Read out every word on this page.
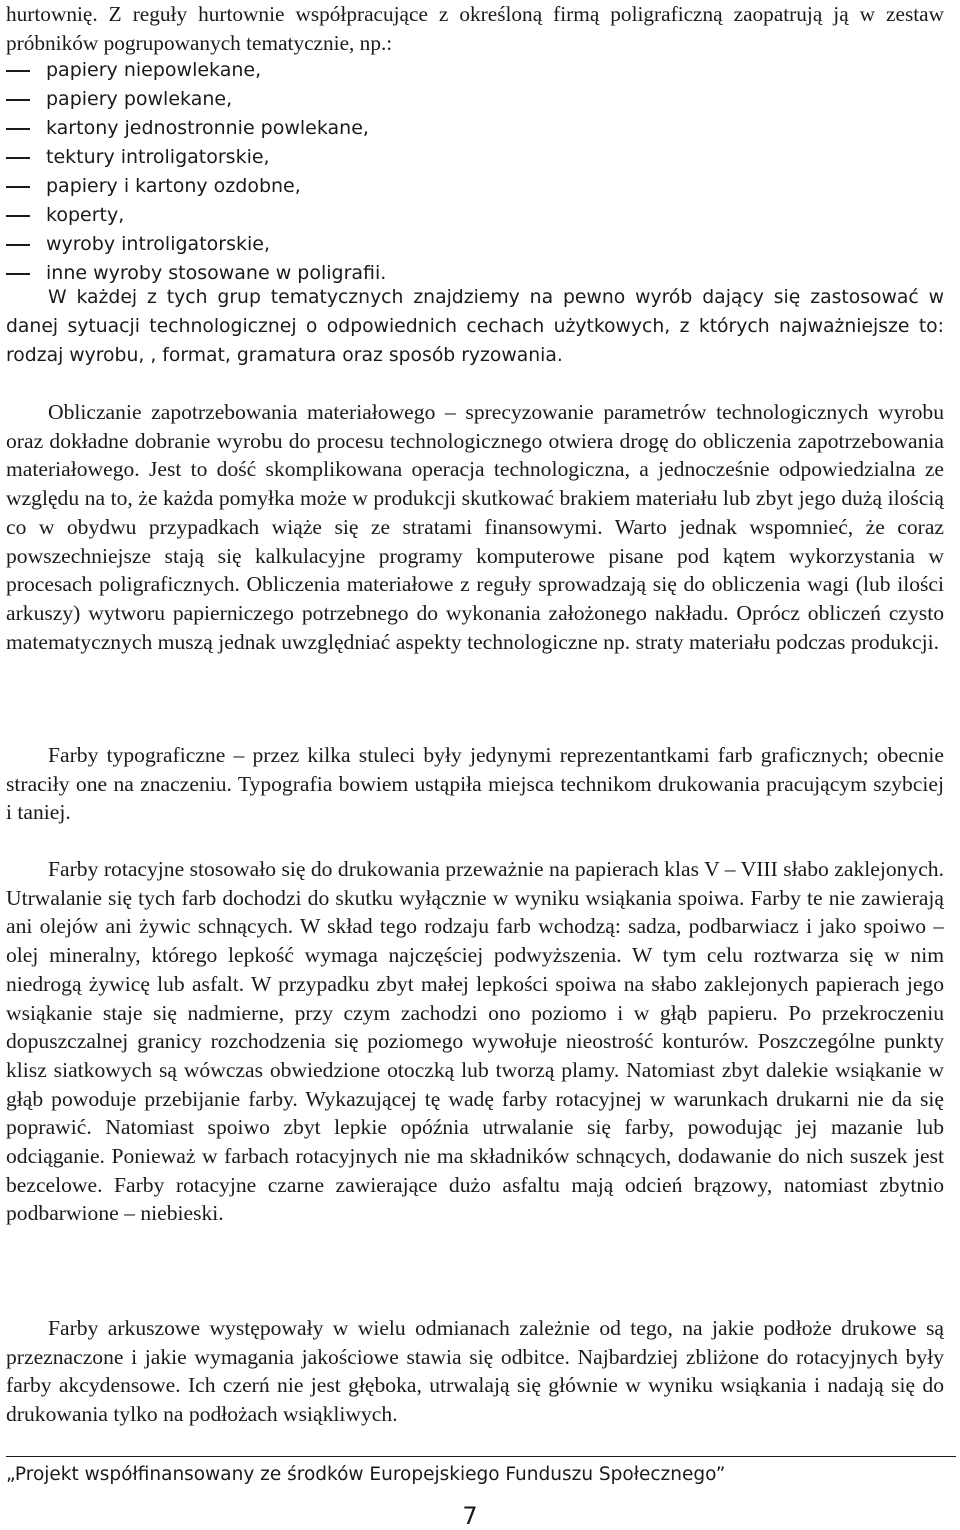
hurtownię. Z reguły hurtownie współpracujące z określoną firmą poligraficzną zaopatrują ją w zestaw próbników pogrupowanych tematycznie, np.:

papiery niepowlekane,
papiery powlekane,
kartony jednostronnie powlekane,
tektury introligatorskie,
papiery i kartony ozdobne,
koperty,
wyroby introligatorskie,
inne wyroby stosowane w poligrafii.

W każdej z tych grup tematycznych znajdziemy na pewno wyrób dający się zastosować w danej sytuacji technologicznej o odpowiednich cechach użytkowych, z których najważniejsze to: rodzaj wyrobu, , format, gramatura oraz sposób ryzowania.

Obliczanie zapotrzebowania materiałowego – sprecyzowanie parametrów technologicznych wyrobu oraz dokładne dobranie wyrobu do procesu technologicznego otwiera drogę do obliczenia zapotrzebowania materiałowego. Jest to dość skomplikowana operacja technologiczna, a jednocześnie odpowiedzialna ze względu na to, że każda pomyłka może w produkcji skutkować brakiem materiału lub zbyt jego dużą ilością co w obydwu przypadkach wiąże się ze stratami finansowymi. Warto jednak wspomnieć, że coraz powszechniejsze stają się kalkulacyjne programy komputerowe pisane pod kątem wykorzystania w procesach poligraficznych. Obliczenia materiałowe z reguły sprowadzają się do obliczenia wagi (lub ilości arkuszy) wytworu papierniczego potrzebnego do wykonania założonego nakładu. Oprócz obliczeń czysto matematycznych muszą jednak uwzględniać aspekty technologiczne np. straty materiału podczas produkcji.

Farby typograficzne – przez kilka stuleci były jedynymi reprezentantkami farb graficznych; obecnie straciły one na znaczeniu. Typografia bowiem ustąpiła miejsca technikom drukowania pracującym szybciej i taniej.

Farby rotacyjne stosowało się do drukowania przeważnie na papierach klas V – VIII słabo zaklejonych. Utrwalanie się tych farb dochodzi do skutku wyłącznie w wyniku wsiąkania spoiwa. Farby te nie zawierają ani olejów ani żywic schnących. W skład tego rodzaju farb wchodzą: sadza, podbarwiacz i jako spoiwo – olej mineralny, którego lepkość wymaga najczęściej podwyższenia. W tym celu roztwarza się w nim niedrogą żywicę lub asfalt. W przypadku zbyt małej lepkości spoiwa na słabo zaklejonych papierach jego wsiąkanie staje się nadmierne, przy czym zachodzi ono poziomo i w głąb papieru. Po przekroczeniu dopuszczalnej granicy rozchodzenia się poziomego wywołuje nieostrość konturów. Poszczególne punkty klisz siatkowych są wówczas obwiedzione otoczką lub tworzą plamy. Natomiast zbyt dalekie wsiąkanie w głąb powoduje przebijanie farby. Wykazującej tę wadę farby rotacyjnej w warunkach drukarni nie da się poprawić. Natomiast spoiwo zbyt lepkie opóźnia utrwalanie się farby, powodując jej mazanie lub odciąganie. Ponieważ w farbach rotacyjnych nie ma składników schnących, dodawanie do nich suszek jest bezcelowe. Farby rotacyjne czarne zawierające dużo asfaltu mają odcień brązowy, natomiast zbytnio podbarwione – niebieski.

Farby arkuszowe występowały w wielu odmianach zależnie od tego, na jakie podłoże drukowe są przeznaczone i jakie wymagania jakościowe stawia się odbitce. Najbardziej zbliżone do rotacyjnych były farby akcydensowe. Ich czerń nie jest głęboka, utrwalają się głównie w wyniku wsiąkania i nadają się do drukowania tylko na podłożach wsiąkliwych.

„Projekt współfinansowany ze środków Europejskiego Funduszu Społecznego”
7
